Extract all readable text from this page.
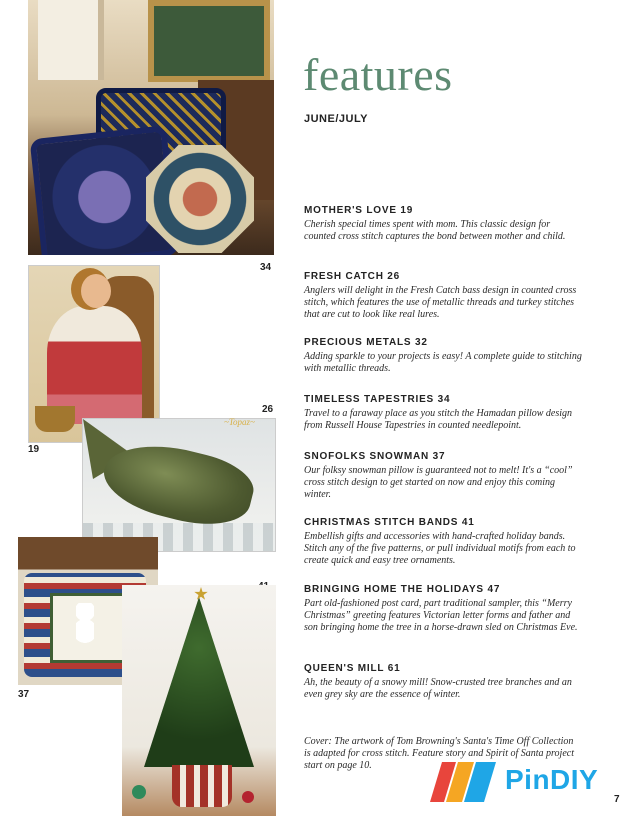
34
26
19
~Topaz~
37
features
JUNE/JULY

MOTHER'S LOVE 19

Cherish special times spent with mom. This classic design for counted cross stitch captures the bond between mother and child.

FRESH CATCH 26

Anglers will delight in the Fresh Catch bass design in counted cross stitch, which features the use of metallic threads and turkey stitches that are cut to look like real lures.

PRECIOUS METALS 32

Adding sparkle to your projects is easy! A complete guide to stitching with metallic threads.

TIMELESS TAPESTRIES 34

Travel to a faraway place as you stitch the Hamadan pillow design from Russell House Tapestries in counted needlepoint.

SNOFOLKS SNOWMAN 37

Our folksy snowman pillow is guaranteed not to melt! It's a “cool” cross stitch design to get started on now and enjoy this coming winter.

CHRISTMAS STITCH BANDS 41

Embellish gifts and accessories with hand-crafted holiday bands. Stitch any of the five patterns, or pull individual motifs from each to create quick and easy tree ornaments.

BRINGING HOME THE HOLIDAYS 47

Part old-fashioned post card, part traditional sampler, this “Merry Christmas” greeting features Victorian letter forms and father and son bringing home the tree in a horse-drawn sled on Christmas Eve.

QUEEN'S MILL 61

Ah, the beauty of a snowy mill! Snow-crusted tree branches and an even grey sky are the essence of winter.

Cover: The artwork of Tom Browning's Santa's Time Off Collection is adapted for cross stitch. Feature story and Spirit of Santa project start on page 10.	PinDIY
7
